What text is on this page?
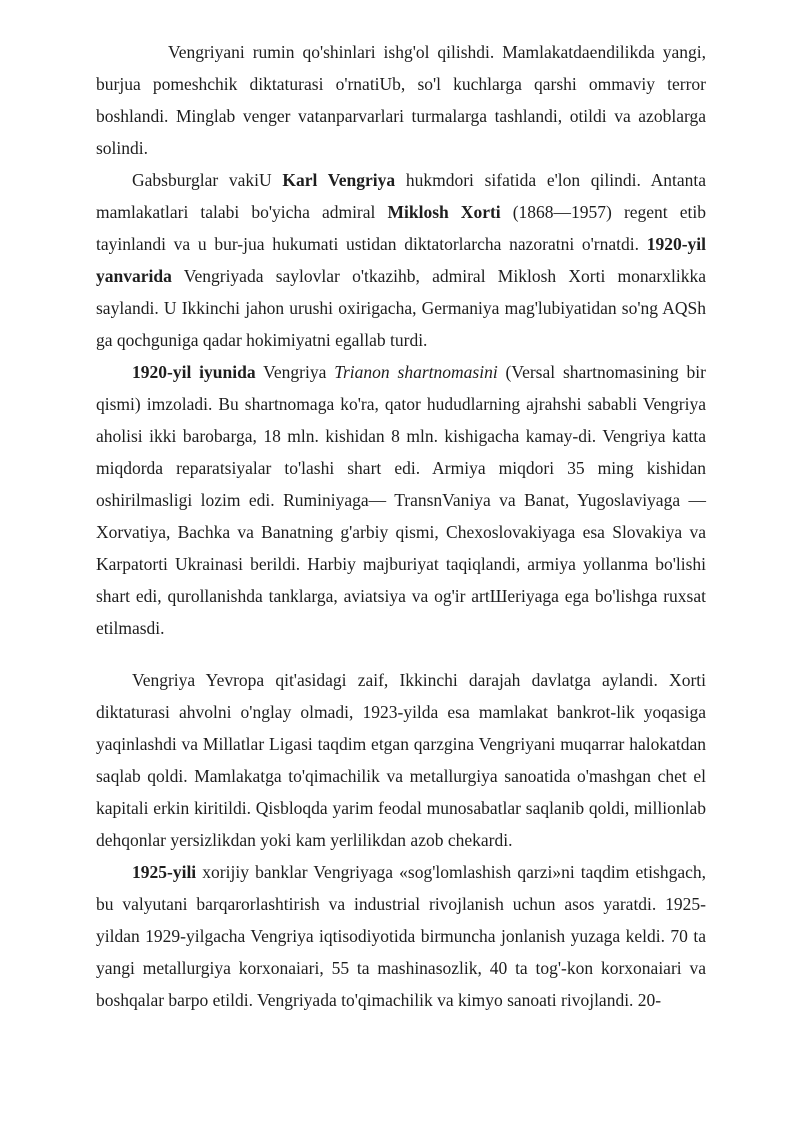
Vengriyani rumin qo'shinlari ishg'ol qilishdi. Mamlakatdaendilikda yangi, burjua pomeshchik diktaturasi o'rnatiUb, so'l kuchlarga qarshi ommaviy terror boshlandi. Minglab venger vatanparvarlari turmalarga tashlandi, otildi va azoblarga solindi.

Gabsburglar vakiU Karl Vengriya hukmdori sifatida e'lon qilindi. Antanta mamlakatlari talabi bo'yicha admiral Miklosh Xorti (1868—1957) regent etib tayinlandi va u bur-jua hukumati ustidan diktatorlarcha nazoratni o'rnatdi. 1920-yil yanvarida Vengriyada saylovlar o'tkazihb, admiral Miklosh Xorti monarxlikka saylandi. U Ikkinchi jahon urushi oxirigacha, Germaniya mag'lubiyatidan so'ng AQSh ga qochguniga qadar hokimiyatni egallab turdi.

1920-yil iyunida Vengriya Trianon shartnomasini (Versal shartnomasining bir qismi) imzoladi. Bu shartnomaga ko'ra, qator hududlarning ajrahshi sababli Vengriya aholisi ikki barobarga, 18 mln. kishidan 8 mln. kishigacha kamay-di. Vengriya katta miqdorda reparatsiyalar to'lashi shart edi. Armiya miqdori 35 ming kishidan oshirilmasligi lozim edi. Ruminiyaga— TransnVaniya va Banat, Yugoslaviyaga — Xorvatiya, Bachka va Banatning g'arbiy qismi, Chexoslovakiyaga esa Slovakiya va Karpatorti Ukrainasi berildi. Harbiy majburiyat taqiqlandi, armiya yollanma bo'lishi shart edi, qurollanishda tanklarga, aviatsiya va og'ir artШeriyaga ega bo'lishga ruxsat etilmasdi.

Vengriya Yevropa qit'asidagi zaif, Ikkinchi darajah davlatga aylandi. Xorti diktaturasi ahvolni o'nglay olmadi, 1923-yilda esa mamlakat bankrot-lik yoqasiga yaqinlashdi va Millatlar Ligasi taqdim etgan qarzgina Vengriyani muqarrar halokatdan saqlab qoldi. Mamlakatga to'qimachilik va metallurgiya sanoatida o'mashgan chet el kapitali erkin kiritildi. Qisbloqda yarim feodal munosabatlar saqlanib qoldi, millionlab dehqonlar yersizlikdan yoki kam yerlilikdan azob chekardi.

1925-yili xorijiy banklar Vengriyaga «sog'lomlashish qarzi»ni taqdim etishgach, bu valyutani barqarorlashtirish va industrial rivojlanish uchun asos yaratdi. 1925-yildan 1929-yilgacha Vengriya iqtisodiyotida birmuncha jonlanish yuzaga keldi. 70 ta yangi metallurgiya korxonaiari, 55 ta mashinasozlik, 40 ta tog'-kon korxonaiari va boshqalar barpo etildi. Vengriyada to'qimachilik va kimyo sanoati rivojlandi. 20-
